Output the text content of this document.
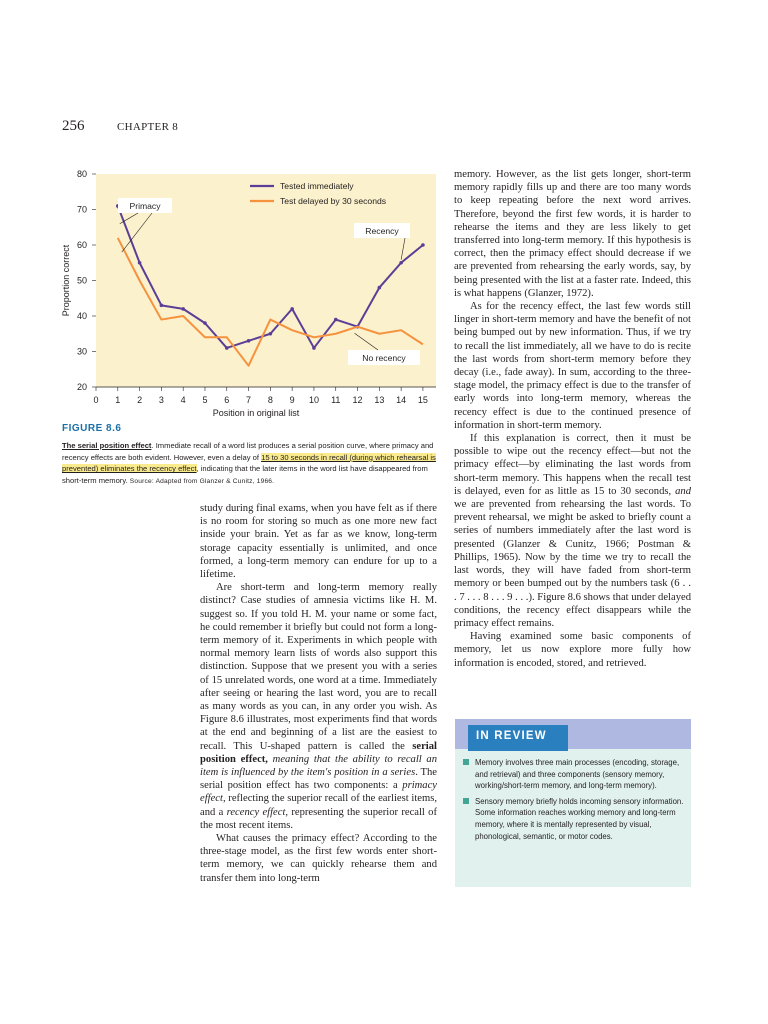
256	CHAPTER 8
20
30
40
50
60
70
80
0 1 2 3 4 5 6 7 8 9 10 11 12 13 14 15
Position in original list
Proportion correct
Tested immediately
Test delayed by 30 seconds
Primacy
Recency
No recency
FIGURE 8.6
The serial position effect. Immediate recall of a word list produces a serial position curve, where primacy and recency effects are both evident. However, even a delay of 15 to 30 seconds in recall (during which rehearsal is prevented) eliminates the recency effect, indicating that the later items in the word list have disappeared from short-term memory. Source: Adapted from Glanzer & Cunitz, 1966.

study during final exams, when you have felt as if there is no room for storing so much as one more new fact inside your brain. Yet as far as we know, long-term storage capacity essentially is unlimited, and once formed, a long-term memory can endure for up to a lifetime.

Are short-term and long-term memory really distinct? Case studies of amnesia victims like H. M. suggest so. If you told H. M. your name or some fact, he could remember it briefly but could not form a long-term memory of it. Experiments in which people with normal memory learn lists of words also support this distinction. Suppose that we present you with a series of 15 unrelated words, one word at a time. Immediately after seeing or hearing the last word, you are to recall as many words as you can, in any order you wish. As Figure 8.6 illustrates, most experiments find that words at the end and beginning of a list are the easiest to recall. This U-shaped pattern is called the serial position effect, meaning that the ability to recall an item is influenced by the item's position in a series. The serial position effect has two components: a primacy effect, reflecting the superior recall of the earliest items, and a recency effect, representing the superior recall of the most recent items.

What causes the primacy effect? According to the three-stage model, as the first few words enter short-term memory, we can quickly rehearse them and transfer them into long-term

memory. However, as the list gets longer, short-term memory rapidly fills up and there are too many words to keep repeating before the next word arrives. Therefore, beyond the first few words, it is harder to rehearse the items and they are less likely to get transferred into long-term memory. If this hypothesis is correct, then the primacy effect should decrease if we are prevented from rehearsing the early words, say, by being presented with the list at a faster rate. Indeed, this is what happens (Glanzer, 1972).

As for the recency effect, the last few words still linger in short-term memory and have the benefit of not being bumped out by new information. Thus, if we try to recall the list immediately, all we have to do is recite the last words from short-term memory before they decay (i.e., fade away). In sum, according to the three-stage model, the primacy effect is due to the transfer of early words into long-term memory, whereas the recency effect is due to the continued presence of information in short-term memory.

If this explanation is correct, then it must be possible to wipe out the recency effect—but not the primacy effect—by eliminating the last words from short-term memory. This happens when the recall test is delayed, even for as little as 15 to 30 seconds, and we are prevented from rehearsing the last words. To prevent rehearsal, we might be asked to briefly count a series of numbers immediately after the last word is presented (Glanzer & Cunitz, 1966; Postman & Phillips, 1965). Now by the time we try to recall the last words, they will have faded from short-term memory or been bumped out by the numbers task (6 . . . 7 . . . 8 . . . 9 . . .). Figure 8.6 shows that under delayed conditions, the recency effect disappears while the primacy effect remains.

Having examined some basic components of memory, let us now explore more fully how information is encoded, stored, and retrieved.

IN REVIEW
Memory involves three main processes (encoding, storage, and retrieval) and three components (sensory memory, working/short-term memory, and long-term memory).
Sensory memory briefly holds incoming sensory information. Some information reaches working memory and long-term memory, where it is mentally represented by visual, phonological, semantic, or motor codes.
